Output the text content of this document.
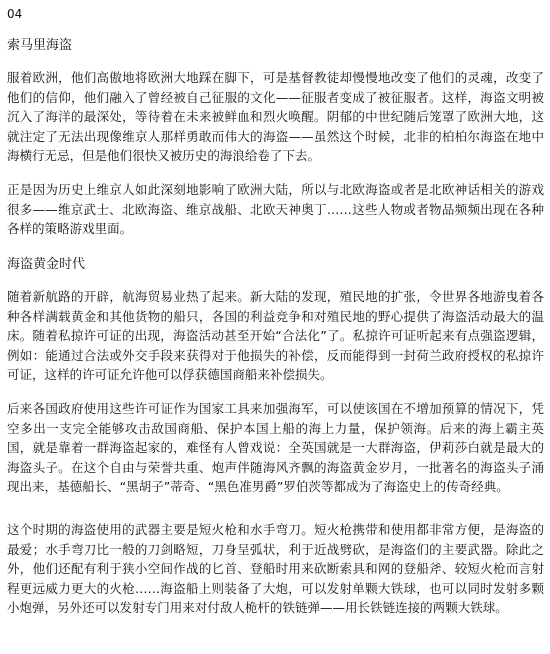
04
索马里海盗

服着欧洲，他们高傲地将欧洲大地踩在脚下，可是基督教徒却慢慢地改变了他们的灵魂，改变了他们的信仰，他们融入了曾经被自己征服的文化——征服者变成了被征服者。这样，海盗文明被沉入了海洋的最深处，等待着在未来被鲜血和烈火唤醒。阴郁的中世纪随后笼罩了欧洲大地，这就注定了无法出现像维京人那样勇敢而伟大的海盗——虽然这个时候，北非的柏柏尔海盗在地中海横行无忌，但是他们很快又被历史的海浪给卷了下去。

正是因为历史上维京人如此深刻地影响了欧洲大陆，所以与北欧海盗或者是北欧神话相关的游戏很多——维京武士、北欧海盗、维京战船、北欧天神奥丁……这些人物或者物品频频出现在各种各样的策略游戏里面。

海盗黄金时代

随着新航路的开辟，航海贸易业热了起来。新大陆的发现，殖民地的扩张，令世界各地游曳着各种各样满载黄金和其他货物的船只，各国的利益竞争和对殖民地的野心提供了海盗活动最大的温床。随着私掠许可证的出现，海盗活动甚至开始“合法化”了。私掠许可证听起来有点强盗逻辑，例如：能通过合法或外交手段来获得对于他损失的补偿，反而能得到一封荷兰政府授权的私掠许可证，这样的许可证允许他可以俘获德国商船来补偿损失。

后来各国政府使用这些许可证作为国家工具来加强海军，可以使该国在不增加预算的情况下，凭空多出一支完全能够攻击敌国商船、保护本国上船的海上力量，保护领海。后来的海上霸主英国，就是靠着一群海盗起家的，难怪有人曾戏说：全英国就是一大群海盗，伊莉莎白就是最大的海盗头子。在这个自由与荣誉共重、炮声伴随海风齐飘的海盗黄金岁月，一批著名的海盗头子涌现出来，基德船长、“黑胡子”蒂奇、“黑色准男爵”罗伯茨等都成为了海盗史上的传奇经典。

这个时期的海盗使用的武器主要是短火枪和水手弯刀。短火枪携带和使用都非常方便，是海盗的最爱；水手弯刀比一般的刀剑略短，刀身呈弧状，利于近战劈砍，是海盗们的主要武器。除此之外，他们还配有利于狭小空间作战的匕首、登船时用来砍断索具和网的登船斧、较短火枪而言射程更远威力更大的火枪……海盗船上则装备了大炮，可以发射单颗大铁球，也可以同时发射多颗小炮弹，另外还可以发射专门用来对付敌人桅杆的铁链弹——用长铁链连接的两颗大铁球。
